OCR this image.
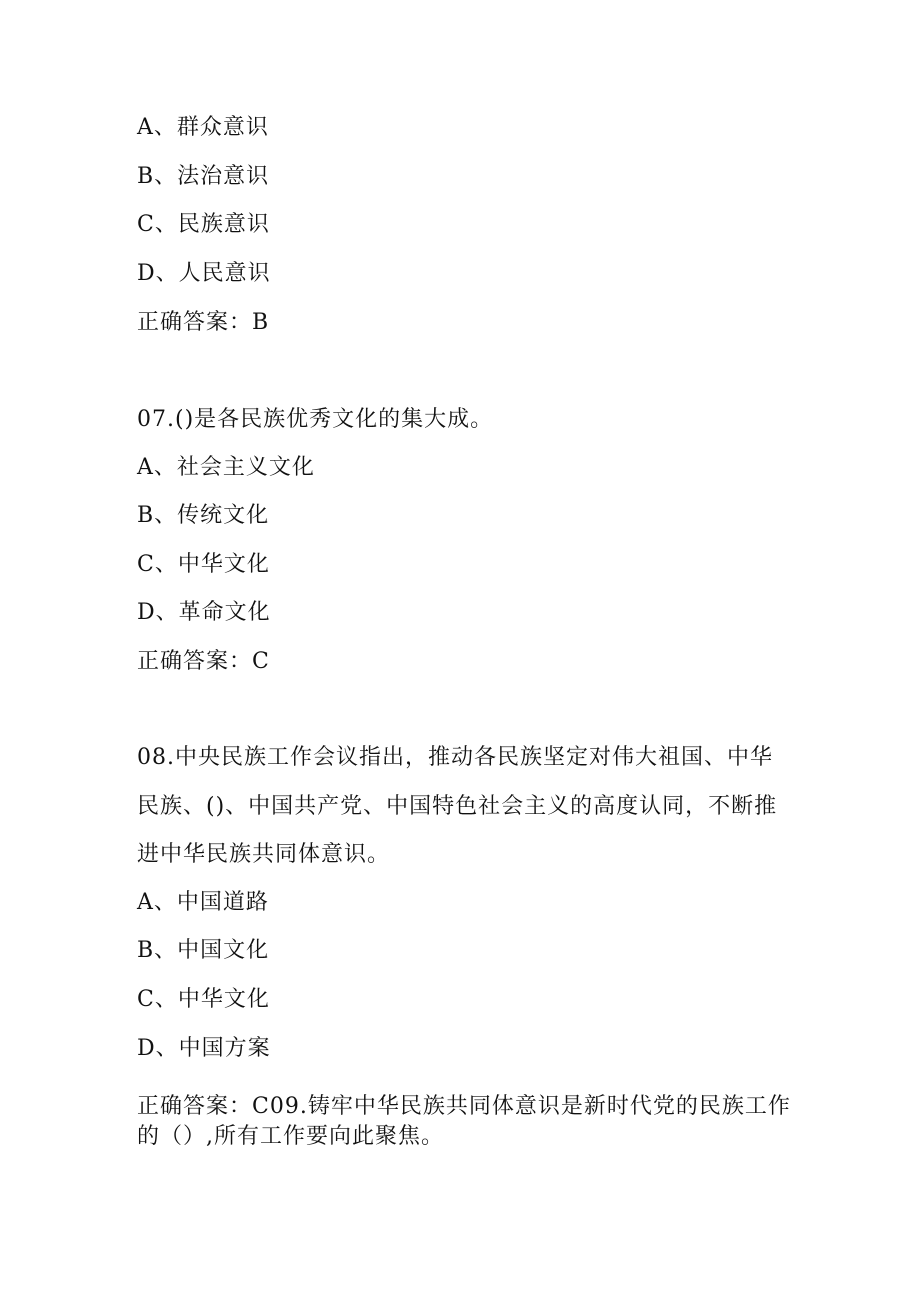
A、群众意识
B、法治意识
C、民族意识
D、人民意识
正确答案：B
07.()是各民族优秀文化的集大成。
A、社会主义文化
B、传统文化
C、中华文化
D、革命文化
正确答案：C
08.中央民族工作会议指出，推动各民族坚定对伟大祖国、中华
民族、()、中国共产党、中国特色社会主义的高度认同，不断推
进中华民族共同体意识。
A、中国道路
B、中国文化
C、中华文化
D、中国方案
正确答案：C09.铸牢中华民族共同体意识是新时代党的民族工作
的（）,所有工作要向此聚焦。
